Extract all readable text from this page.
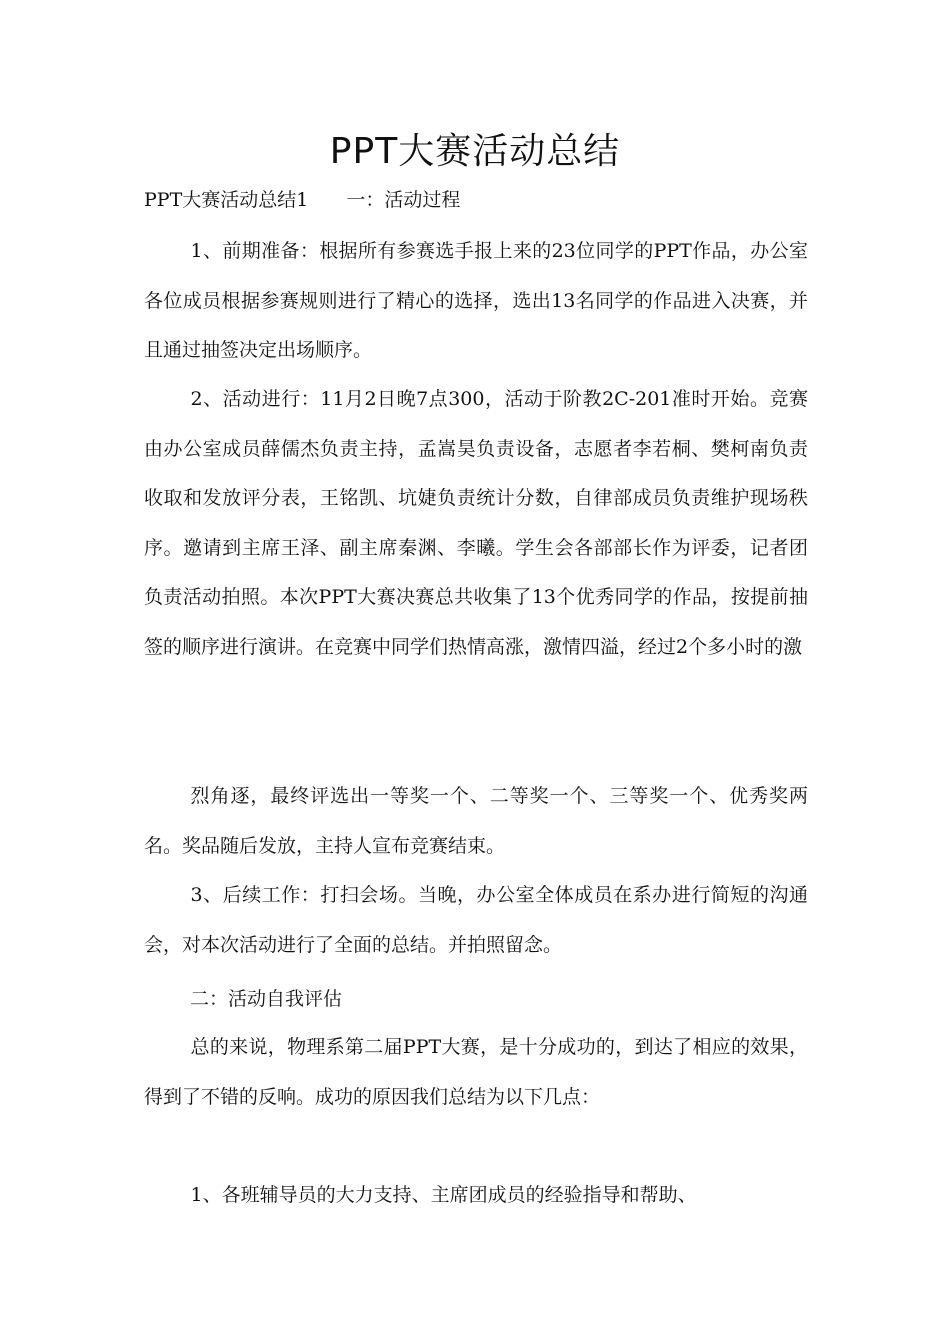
PPT大赛活动总结
PPT大赛活动总结1　　一：活动过程

1、前期准备：根据所有参赛选手报上来的23位同学的PPT作品，办公室各位成员根据参赛规则进行了精心的选择，选出13名同学的作品进入决赛，并且通过抽签决定出场顺序。

2、活动进行：11月2日晚7点300，活动于阶教2C-201准时开始。竞赛由办公室成员薛儒杰负责主持，孟嵩昊负责设备，志愿者李若桐、樊柯南负责收取和发放评分表，王铭凯、坑婕负责统计分数，自律部成员负责维护现场秩序。邀请到主席王泽、副主席秦渊、李曦。学生会各部部长作为评委，记者团负责活动拍照。本次PPT大赛决赛总共收集了13个优秀同学的作品，按提前抽签的顺序进行演讲。在竞赛中同学们热情高涨，激情四溢，经过2个多小时的激

烈角逐，最终评选出一等奖一个、二等奖一个、三等奖一个、优秀奖两名。奖品随后发放，主持人宣布竞赛结束。

3、后续工作：打扫会场。当晚，办公室全体成员在系办进行简短的沟通会，对本次活动进行了全面的总结。并拍照留念。

二：活动自我评估

总的来说，物理系第二届PPT大赛，是十分成功的，到达了相应的效果，得到了不错的反响。成功的原因我们总结为以下几点：

1、各班辅导员的大力支持、主席团成员的经验指导和帮助、
